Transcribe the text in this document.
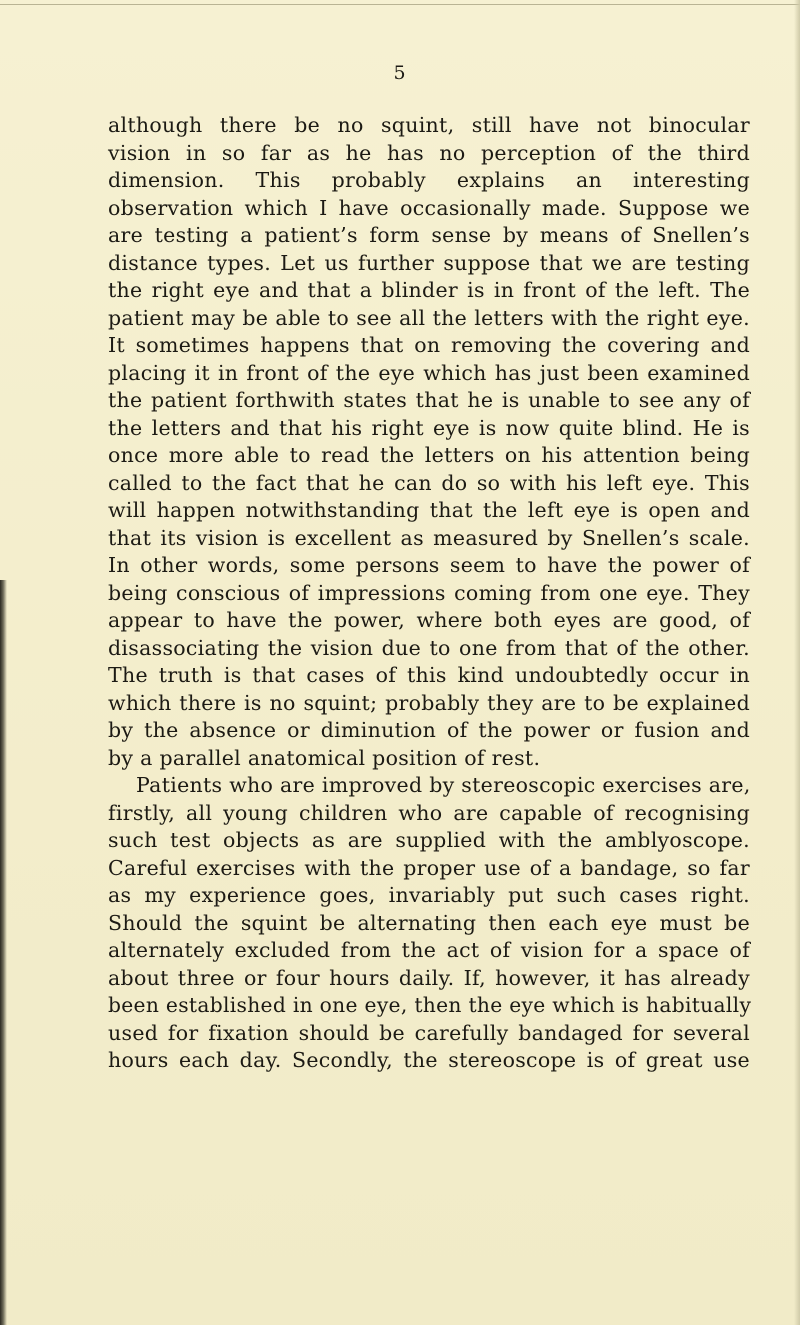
5
although there be no squint, still have not binocular
vision in so far as he has no perception of the third
dimension. This probably explains an interesting
observation which I have occasionally made. Suppose we
are testing a patient’s form sense by means of Snellen’s
distance types. Let us further suppose that we are testing
the right eye and that a blinder is in front of the left. The
patient may be able to see all the letters with the right eye.
It sometimes happens that on removing the covering and
placing it in front of the eye which has just been examined
the patient forthwith states that he is unable to see any of
the letters and that his right eye is now quite blind. He is
once more able to read the letters on his attention being
called to the fact that he can do so with his left eye. This
will happen notwithstanding that the left eye is open and
that its vision is excellent as measured by Snellen’s scale.
In other words, some persons seem to have the power of
being conscious of impressions coming from one eye. They
appear to have the power, where both eyes are good, of
disassociating the vision due to one from that of the other.
The truth is that cases of this kind undoubtedly occur in
which there is no squint; probably they are to be explained
by the absence or diminution of the power or fusion and
by a parallel anatomical position of rest.
Patients who are improved by stereoscopic exercises are,
firstly, all young children who are capable of recognising
such test objects as are supplied with the amblyoscope.
Careful exercises with the proper use of a bandage, so far
as my experience goes, invariably put such cases right.
Should the squint be alternating then each eye must be
alternately excluded from the act of vision for a space of
about three or four hours daily. If, however, it has already
been established in one eye, then the eye which is habitually
used for fixation should be carefully bandaged for several
hours each day. Secondly, the stereoscope is of great use
